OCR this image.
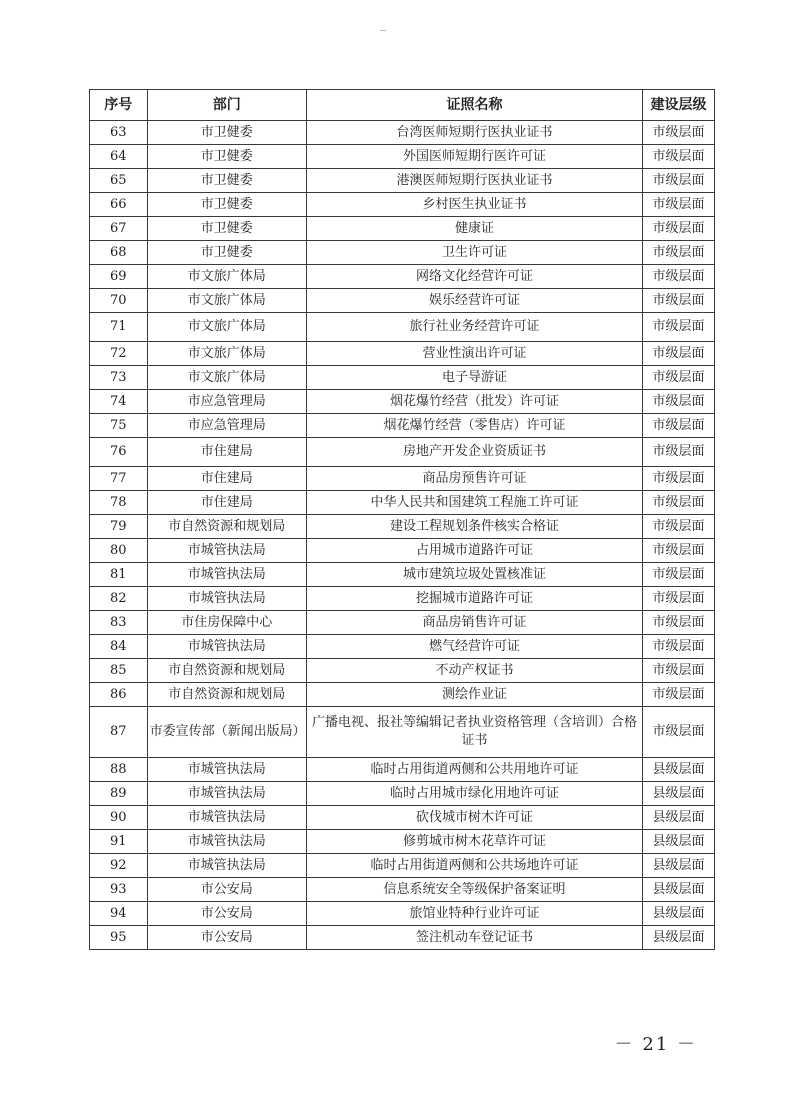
序号	部门	证照名称	建设层级
63	市卫健委	台湾医师短期行医执业证书	市级层面
64	市卫健委	外国医师短期行医许可证	市级层面
65	市卫健委	港澳医师短期行医执业证书	市级层面
66	市卫健委	乡村医生执业证书	市级层面
67	市卫健委	健康证	市级层面
68	市卫健委	卫生许可证	市级层面
69	市文旅广体局	网络文化经营许可证	市级层面
70	市文旅广体局	娱乐经营许可证	市级层面
71	市文旅广体局	旅行社业务经营许可证	市级层面
72	市文旅广体局	营业性演出许可证	市级层面
73	市文旅广体局	电子导游证	市级层面
74	市应急管理局	烟花爆竹经营（批发）许可证	市级层面
75	市应急管理局	烟花爆竹经营（零售店）许可证	市级层面
76	市住建局	房地产开发企业资质证书	市级层面
77	市住建局	商品房预售许可证	市级层面
78	市住建局	中华人民共和国建筑工程施工许可证	市级层面
79	市自然资源和规划局	建设工程规划条件核实合格证	市级层面
80	市城管执法局	占用城市道路许可证	市级层面
81	市城管执法局	城市建筑垃圾处置核准证	市级层面
82	市城管执法局	挖掘城市道路许可证	市级层面
83	市住房保障中心	商品房销售许可证	市级层面
84	市城管执法局	燃气经营许可证	市级层面
85	市自然资源和规划局	不动产权证书	市级层面
86	市自然资源和规划局	测绘作业证	市级层面
87	市委宣传部（新闻出版局）	广播电视、报社等编辑记者执业资格管理（含培训）合格证书	市级层面
88	市城管执法局	临时占用街道两侧和公共用地许可证	县级层面
89	市城管执法局	临时占用城市绿化用地许可证	县级层面
90	市城管执法局	砍伐城市树木许可证	县级层面
91	市城管执法局	修剪城市树木花草许可证	县级层面
92	市城管执法局	临时占用街道两侧和公共场地许可证	县级层面
93	市公安局	信息系统安全等级保护备案证明	县级层面
94	市公安局	旅馆业特种行业许可证	县级层面
95	市公安局	签注机动车登记证书	县级层面
－ 21 －
